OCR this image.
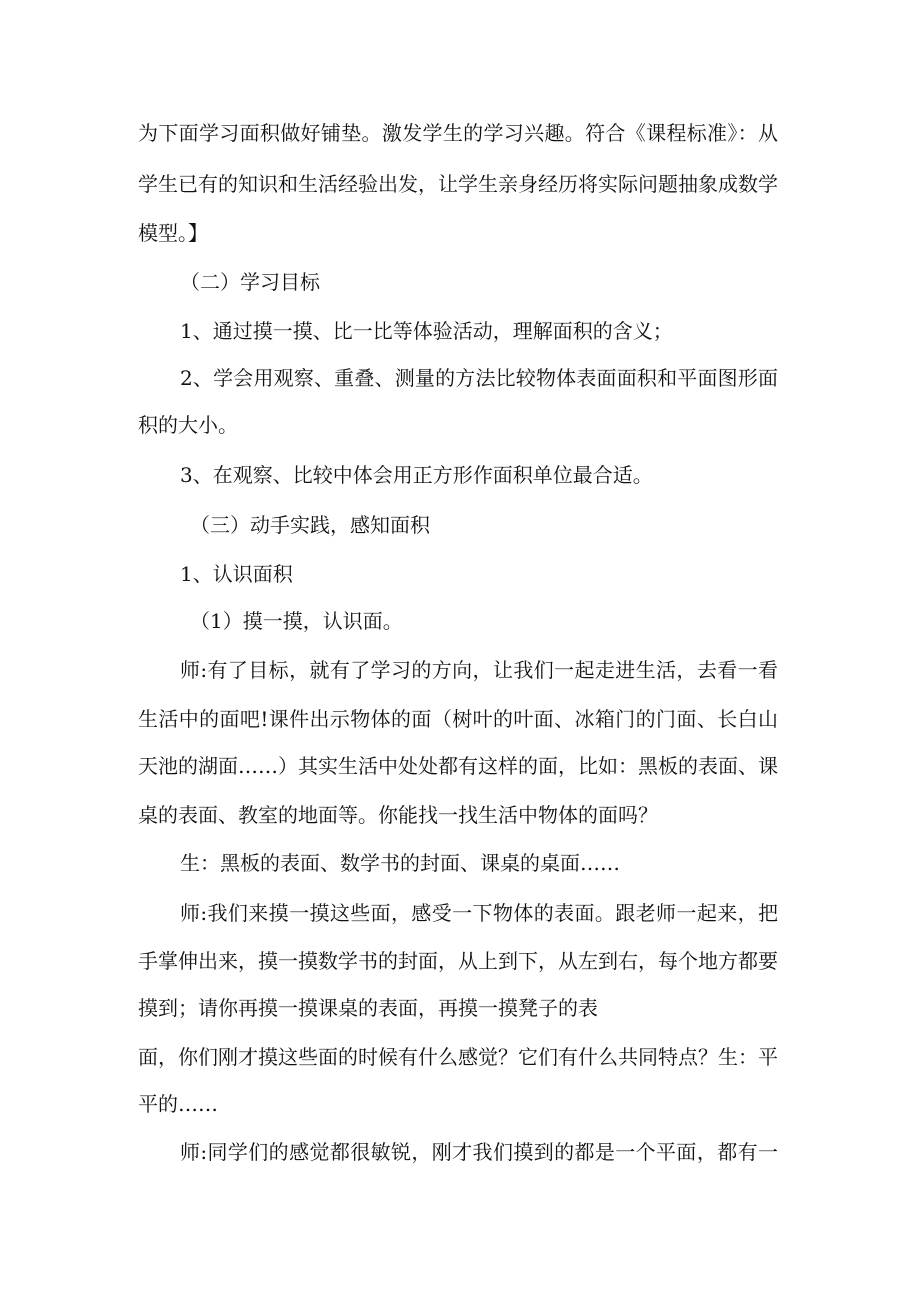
为下面学习面积做好铺垫。激发学生的学习兴趣。符合《课程标准》：从

学生已有的知识和生活经验出发，让学生亲身经历将实际问题抽象成数学

模型。】

（二）学习目标

1、通过摸一摸、比一比等体验活动，理解面积的含义；

2、学会用观察、重叠、测量的方法比较物体表面面积和平面图形面

积的大小。

3、在观察、比较中体会用正方形作面积单位最合适。

（三）动手实践，感知面积

1、认识面积

（1）摸一摸，认识面。

师:有了目标，就有了学习的方向，让我们一起走进生活，去看一看

生活中的面吧!课件出示物体的面（树叶的叶面、冰箱门的门面、长白山

天池的湖面……）其实生活中处处都有这样的面，比如：黑板的表面、课

桌的表面、教室的地面等。你能找一找生活中物体的面吗？

生：黑板的表面、数学书的封面、课桌的桌面……

师:我们来摸一摸这些面，感受一下物体的表面。跟老师一起来，把

手掌伸出来，摸一摸数学书的封面，从上到下，从左到右，每个地方都要

摸到；请你再摸一摸课桌的表面，再摸一摸凳子的表

面，你们刚才摸这些面的时候有什么感觉？它们有什么共同特点？生：平

平的……

师:同学们的感觉都很敏锐，刚才我们摸到的都是一个平面，都有一
